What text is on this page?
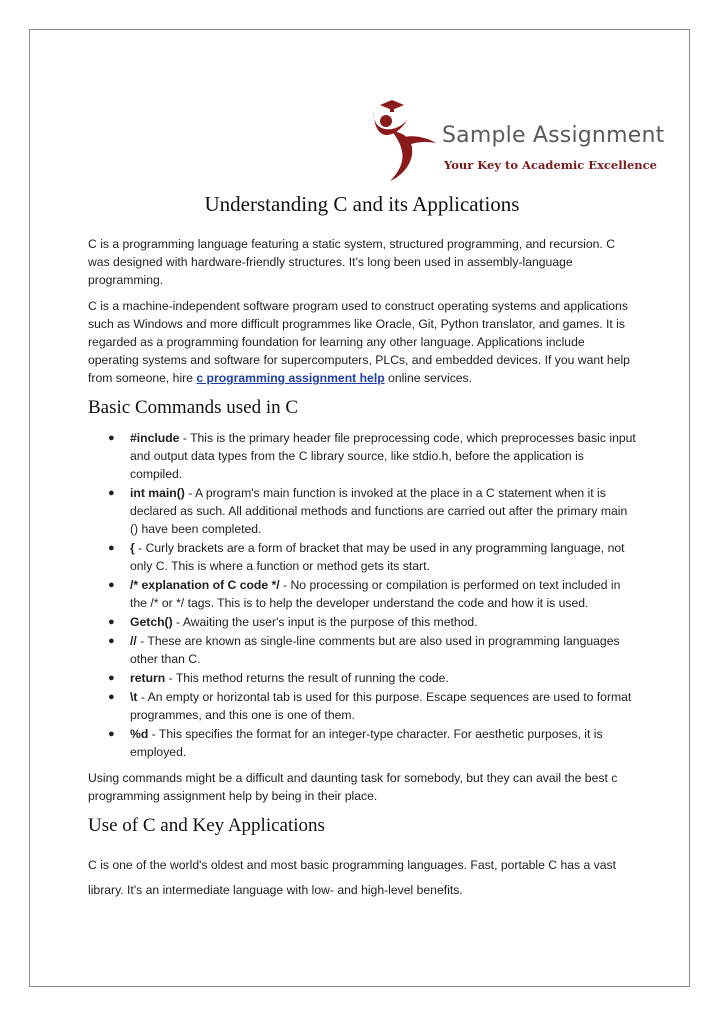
Sample Assignment
Your Key to Academic Excellence
Understanding C and its Applications

C is a programming language featuring a static system, structured programming, and recursion. C was designed with hardware-friendly structures. It's long been used in assembly-language programming.

C is a machine-independent software program used to construct operating systems and applications such as Windows and more difficult programmes like Oracle, Git, Python translator, and games. It is regarded as a programming foundation for learning any other language. Applications include operating systems and software for supercomputers, PLCs, and embedded devices. If you want help from someone, hire c programming assignment help online services.

Basic Commands used in C
● #include - This is the primary header file preprocessing code, which preprocesses basic input and output data types from the C library source, like stdio.h, before the application is compiled.
● int main() - A program's main function is invoked at the place in a C statement when it is declared as such. All additional methods and functions are carried out after the primary main () have been completed.
● { - Curly brackets are a form of bracket that may be used in any programming language, not only C. This is where a function or method gets its start.
● /* explanation of C code */ - No processing or compilation is performed on text included in the /* or */ tags. This is to help the developer understand the code and how it is used.
● Getch() - Awaiting the user's input is the purpose of this method.
● // - These are known as single-line comments but are also used in programming languages other than C.
● return - This method returns the result of running the code.
● \t - An empty or horizontal tab is used for this purpose. Escape sequences are used to format programmes, and this one is one of them.
● %d - This specifies the format for an integer-type character. For aesthetic purposes, it is employed.

Using commands might be a difficult and daunting task for somebody, but they can avail the best c programming assignment help by being in their place.

Use of C and Key Applications

C is one of the world's oldest and most basic programming languages. Fast, portable C has a vast library. It's an intermediate language with low- and high-level benefits.
